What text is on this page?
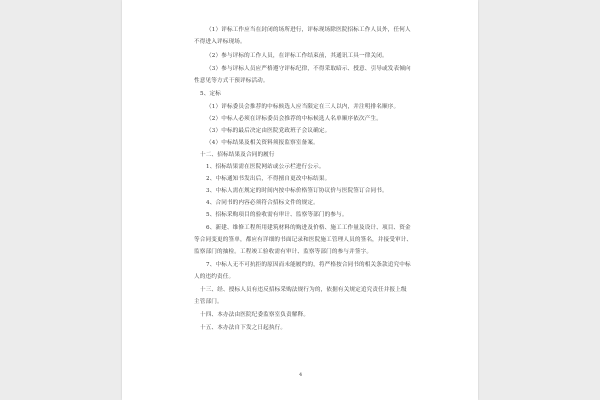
（1）评标工作应当在封闭的场所进行，评标现场除医院招标工作人员外，任何人
不得进入评标现场。
（2）参与评标的工作人员，在评标工作结束前，其通讯工具一律关闭。
（3）参与评标人员应严格遵守评标纪律，不得采取暗示、授意、引导或发表倾向
性意见等方式干预评标活动。
5、定标
（1）评标委员会推荐的中标候选人应当限定在三人以内，并注明排名顺序。
（2）中标人必须在评标委员会推荐的中标候选人名单顺序依次产生。
（3）中标的最后决定由医院党政班子会议确定。
（4）中标结果及相关资料须报监察室备案。
十二、招标结果及合同的履行
1、招标结果需在医院网站或公示栏进行公示。
2、中标通知书发出后，不得擅自更改中标结果。
3、中标人需在规定的时间内按中标价格签订协议价与医院签订合同书。
4、合同书的内容必须符合招标文件的规定。
5、招标采购项目的验收需有审计、监察等部门的参与。
6、新建、维修工程所用建筑材料的购进及价格、施工工作量及设计、项目、资金
等合同变更的签单，都应有详细的书面记录和医院施工管理人员的签名，并接受审计、
监察部门的抽检。工程竣工验收需有审计、监察等部门的参与并签字。
7、中标人无不可抗拒的原因而未能履约的，将严格按合同书的相关条款追究中标
人的违约责任。
十三、经、授标人员有违反招标采购法规行为的，依据有关规定追究责任并报上级
主管部门。
十四、本办法由医院纪委监察室负责解释。
十五、本办法自下发之日起执行。
4
